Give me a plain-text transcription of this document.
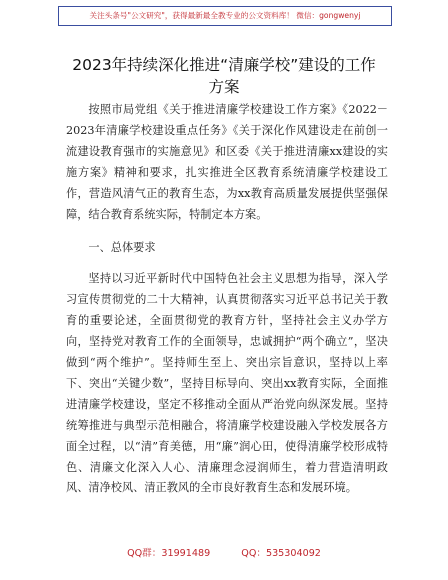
关注头条号"公文研究"，获得最新最全教专业的公文资料库！ 微信：gongwenyj
2023年持续深化推进“清廉学校”建设的工作
方案

按照市局党组《关于推进清廉学校建设工作方案》《2022－2023年清廉学校建设重点任务》《关于深化作风建设走在前创一流建设教育强市的实施意见》和区委《关于推进清廉xx建设的实施方案》精神和要求，扎实推进全区教育系统清廉学校建设工作，营造风清气正的教育生态，为xx教育高质量发展提供坚强保障，结合教育系统实际，特制定本方案。

一、总体要求

坚持以习近平新时代中国特色社会主义思想为指导，深入学习宣传贯彻党的二十大精神，认真贯彻落实习近平总书记关于教育的重要论述，全面贯彻党的教育方针，坚持社会主义办学方向，坚持党对教育工作的全面领导，忠诚拥护“两个确立”，坚决做到“两个维护”。坚持师生至上、突出宗旨意识，坚持以上率下、突出“关键少数”，坚持目标导向、突出xx教育实际，全面推进清廉学校建设，坚定不移推动全面从严治党向纵深发展。坚持统筹推进与典型示范相融合，将清廉学校建设融入学校发展各方面全过程，以“清”育美德，用“廉”润心田，使得清廉学校形成特色、清廉文化深入人心、清廉理念浸润师生，着力营造清明政风、清净校风、清正教风的全市良好教育生态和发展环境。

QQ群：31991489	QQ：535304092
